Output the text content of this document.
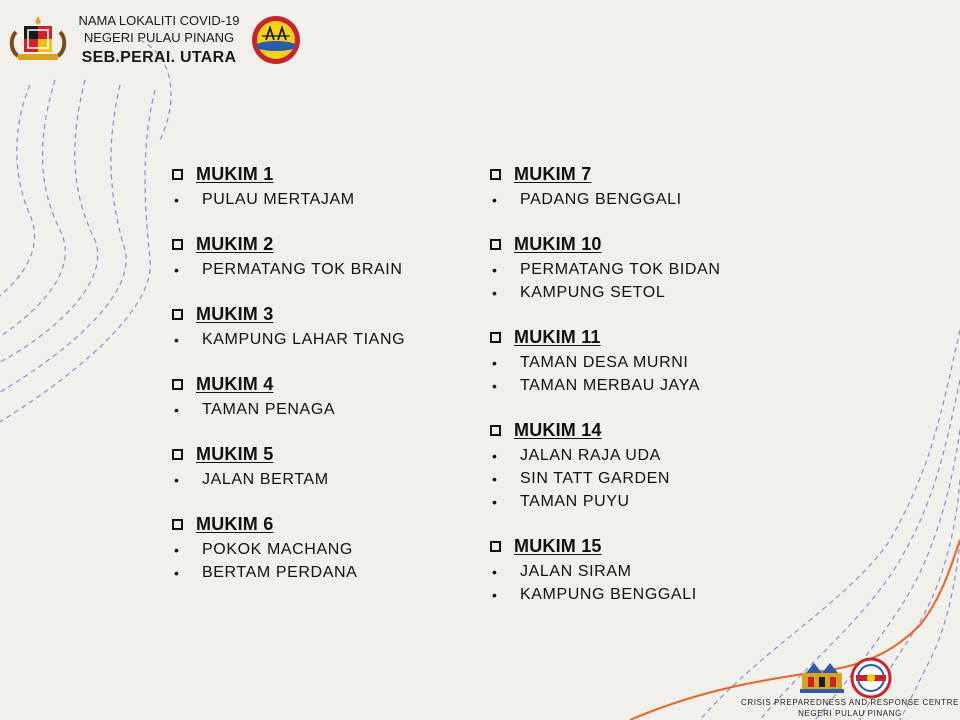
NAMA LOKALITI COVID-19
NEGERI PULAU PINANG
SEB.PERAI. UTARA
MUKIM 1
•	PULAU MERTAJAM
MUKIM 2
•	PERMATANG TOK BRAIN
MUKIM 3
•	KAMPUNG LAHAR TIANG
MUKIM 4
•	TAMAN PENAGA
MUKIM 5
•	JALAN BERTAM
MUKIM 6
•	POKOK MACHANG
•	BERTAM PERDANA
MUKIM 7
•	PADANG BENGGALI
MUKIM 10
•	PERMATANG TOK BIDAN
•	KAMPUNG SETOL
MUKIM 11
•	TAMAN DESA MURNI
•	TAMAN MERBAU JAYA
MUKIM 14
•	JALAN RAJA UDA
•	SIN TATT GARDEN
•	TAMAN PUYU
MUKIM 15
•	JALAN SIRAM
•	KAMPUNG BENGGALI
CRISIS PREPAREDNESS AND RESPONSE CENTRE
NEGERI PULAU PINANG
